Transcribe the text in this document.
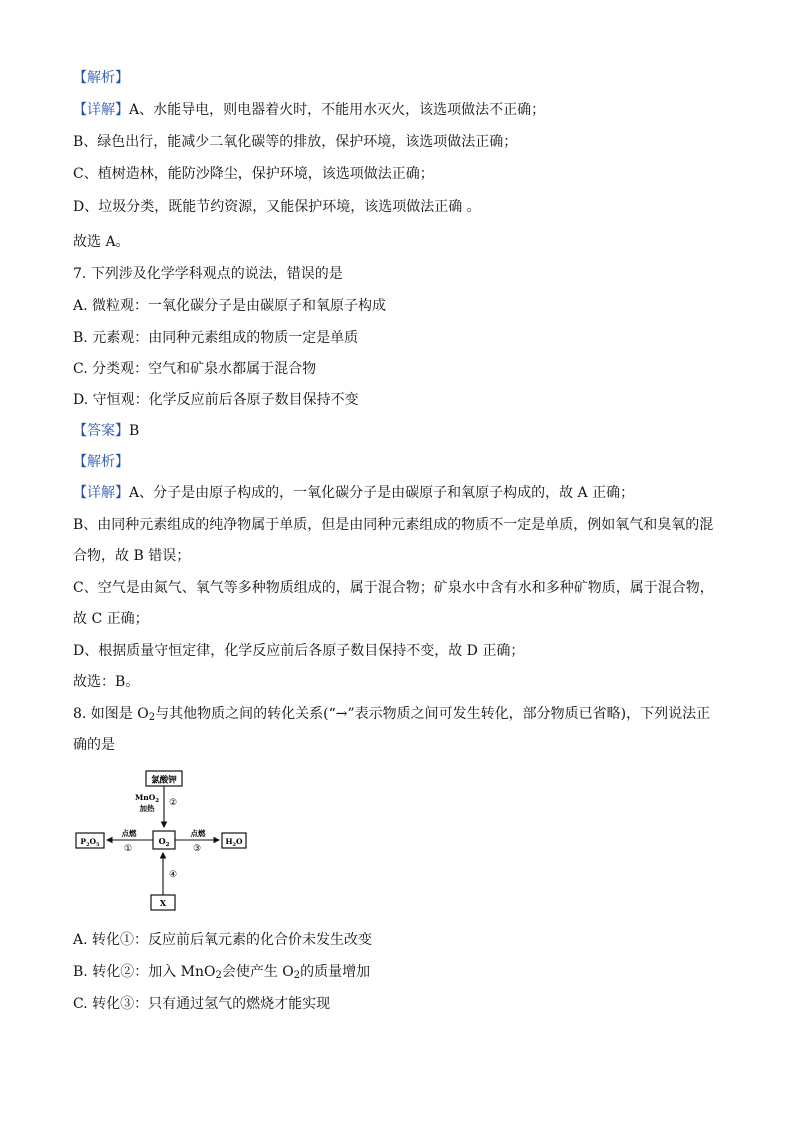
【解析】
【详解】A、水能导电，则电器着火时，不能用水灭火，该选项做法不正确；
B、绿色出行，能减少二氧化碳等的排放，保护环境，该选项做法正确；
C、植树造林，能防沙降尘，保护环境，该选项做法正确；
D、垃圾分类，既能节约资源，又能保护环境，该选项做法正确 。
故选 A。
7. 下列涉及化学学科观点的说法，错误的是
A. 微粒观：一氧化碳分子是由碳原子和氧原子构成
B. 元素观：由同种元素组成的物质一定是单质
C. 分类观：空气和矿泉水都属于混合物
D. 守恒观：化学反应前后各原子数目保持不变
【答案】B
【解析】
【详解】A、分子是由原子构成的，一氧化碳分子是由碳原子和氧原子构成的，故 A 正确；
B、由同种元素组成的纯净物属于单质，但是由同种元素组成的物质不一定是单质，例如氧气和臭氧的混
合物，故 B 错误；
C、空气是由氮气、氧气等多种物质组成的，属于混合物；矿泉水中含有水和多种矿物质，属于混合物，
故 C 正确；
D、根据质量守恒定律，化学反应前后各原子数目保持不变，故 D 正确；
故选：B。
8. 如图是 $O_2$与其他物质之间的转化关系(“→”表示物质之间可发生转化，部分物质已省略)，下列说法正
确的是
氯酸钾
MnO$_2$
加热
②
$O_2$
$P_2O_5$
点燃
①
$H_2O$
点燃
③
X
④
A. 转化①：反应前后氧元素的化合价未发生改变
B. 转化②：加入 MnO$_2$会使产生 $O_2$的质量增加
C. 转化③：只有通过氢气的燃烧才能实现
